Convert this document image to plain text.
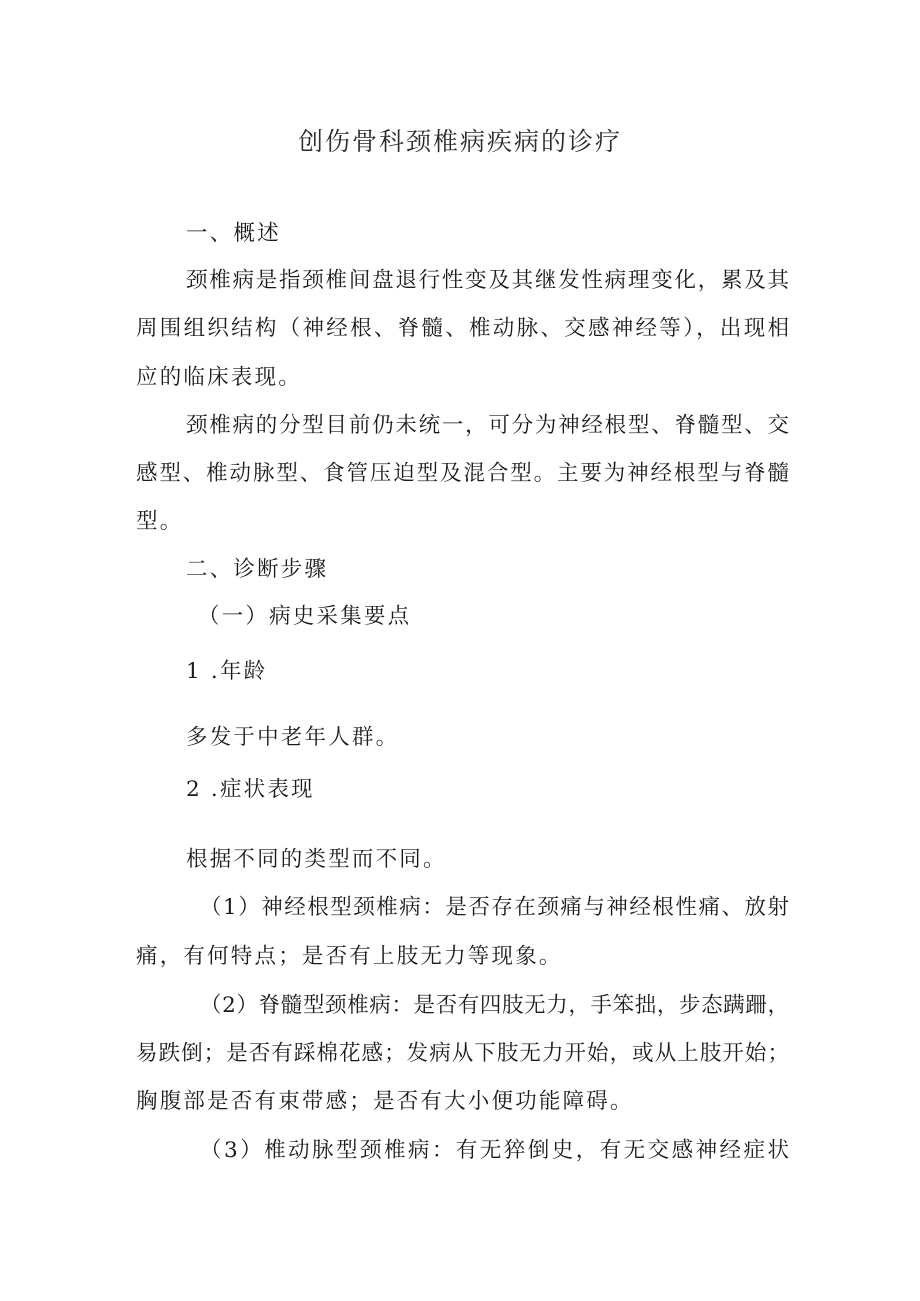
创伤骨科颈椎病疾病的诊疗
一、概述
颈椎病是指颈椎间盘退行性变及其继发性病理变化，累及其
周围组织结构（神经根、脊髓、椎动脉、交感神经等），出现相
应的临床表现。
颈椎病的分型目前仍未统一，可分为神经根型、脊髓型、交
感型、椎动脉型、食管压迫型及混合型。主要为神经根型与脊髓
型。
二、诊断步骤
（一）病史采集要点
1 .年龄
多发于中老年人群。
2 .症状表现
根据不同的类型而不同。
（1）神经根型颈椎病：是否存在颈痛与神经根性痛、放射
痛，有何特点；是否有上肢无力等现象。
（2）脊髓型颈椎病：是否有四肢无力，手笨拙，步态蹒跚，
易跌倒；是否有踩棉花感；发病从下肢无力开始，或从上肢开始；
胸腹部是否有束带感；是否有大小便功能障碍。
（3）椎动脉型颈椎病：有无猝倒史，有无交感神经症状
